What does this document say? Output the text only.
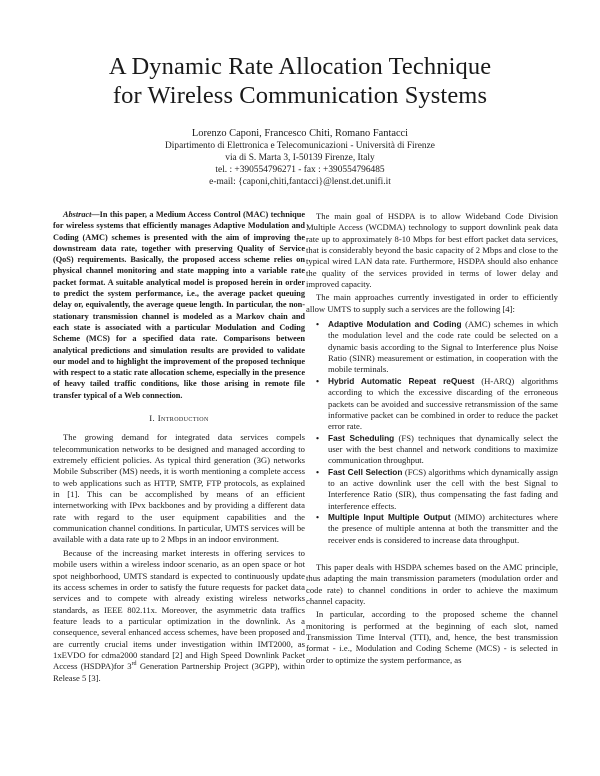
A Dynamic Rate Allocation Technique
for Wireless Communication Systems
Lorenzo Caponi, Francesco Chiti, Romano Fantacci
Dipartimento di Elettronica e Telecomunicazioni - Università di Firenze
via di S. Marta 3, I-50139 Firenze, Italy
tel. : +390554796271 - fax : +390554796485
e-mail: {caponi,chiti,fantacci}@lenst.det.unifi.it

Abstract—In this paper, a Medium Access Control (MAC) technique for wireless systems that efficiently manages Adaptive Modulation and Coding (AMC) schemes is presented with the aim of improving the downstream data rate, together with preserving Quality of Service (QoS) requirements. Basically, the proposed access scheme relies on physical channel monitoring and state mapping into a variable rate packet format. A suitable analytical model is proposed herein in order to predict the system performance, i.e., the average packet queuing delay or, equivalently, the average queue length. In particular, the non-stationary transmission channel is modeled as a Markov chain and each state is associated with a particular Modulation and Coding Scheme (MCS) for a specified data rate. Comparisons between analytical predictions and simulation results are provided to validate our model and to highlight the improvement of the proposed technique with respect to a static rate allocation scheme, especially in the presence of heavy tailed traffic conditions, like those arising in remote file transfer typical of a Web connection.

I. Introduction

The growing demand for integrated data services compels telecommunication networks to be designed and managed according to extremely efficient policies. As typical third generation (3G) networks Mobile Subscriber (MS) needs, it is worth mentioning a complete access to web applications such as HTTP, SMTP, FTP protocols, as explained in [1]. This can be accomplished by means of an efficient internetworking with IPvx backbones and by providing a different data rate with regard to the user equipment capabilities and the communication channel conditions. In particular, UMTS services will be available with a data rate up to 2 Mbps in an indoor environment.

Because of the increasing market interests in offering services to mobile users within a wireless indoor scenario, as an open space or hot spot neighborhood, UMTS standard is expected to continuously update its access schemes in order to satisfy the future requests for packet data services and to compete with already existing wireless networks standards, as IEEE 802.11x. Moreover, the asymmetric data traffics feature leads to a particular optimization in the downlink. As a consequence, several enhanced access schemes, have been proposed and are currently crucial items under investigation within IMT2000, as 1xEVDO for cdma2000 standard [2] and High Speed Downlink Packet Access (HSDPA)for 3rd Generation Partnership Project (3GPP), within Release 5 [3].

The main goal of HSDPA is to allow Wideband Code Division Multiple Access (WCDMA) technology to support downlink peak data rate up to approximately 8-10 Mbps for best effort packet data services, that is considerably beyond the basic capacity of 2 Mbps and close to the typical wired LAN data rate. Furthermore, HSDPA should also enhance the quality of the services provided in terms of lower delay and improved capacity.

The main approaches currently investigated in order to efficiently allow UMTS to supply such a services are the following [4]:

• Adaptive Modulation and Coding (AMC) schemes in which the modulation level and the code rate could be selected on a dynamic basis according to the Signal to Interference plus Noise Ratio (SINR) measurement or estimation, in cooperation with the mobile terminals.
• Hybrid Automatic Repeat reQuest (H-ARQ) algorithms according to which the excessive discarding of the erroneous packets can be avoided and successive retransmission of the same informative packet can be combined in order to reduce the packet error rate.
• Fast Scheduling (FS) techniques that dynamically select the user with the best channel and network conditions to maximize communication throughput.
• Fast Cell Selection (FCS) algorithms which dynamically assign to an active downlink user the cell with the best Signal to Interference Ratio (SIR), thus compensating the fast fading and interference effects.
• Multiple Input Multiple Output (MIMO) architectures where the presence of multiple antenna at both the transmitter and the receiver ends is considered to increase data throughput.

This paper deals with HSDPA schemes based on the AMC principle, thus adapting the main transmission parameters (modulation order and code rate) to channel conditions in order to achieve the maximum channel capacity.

In particular, according to the proposed scheme the channel monitoring is performed at the beginning of each slot, named Transmission Time Interval (TTI), and, hence, the best transmission format - i.e., Modulation and Coding Scheme (MCS) - is selected in order to optimize the system performance, as
